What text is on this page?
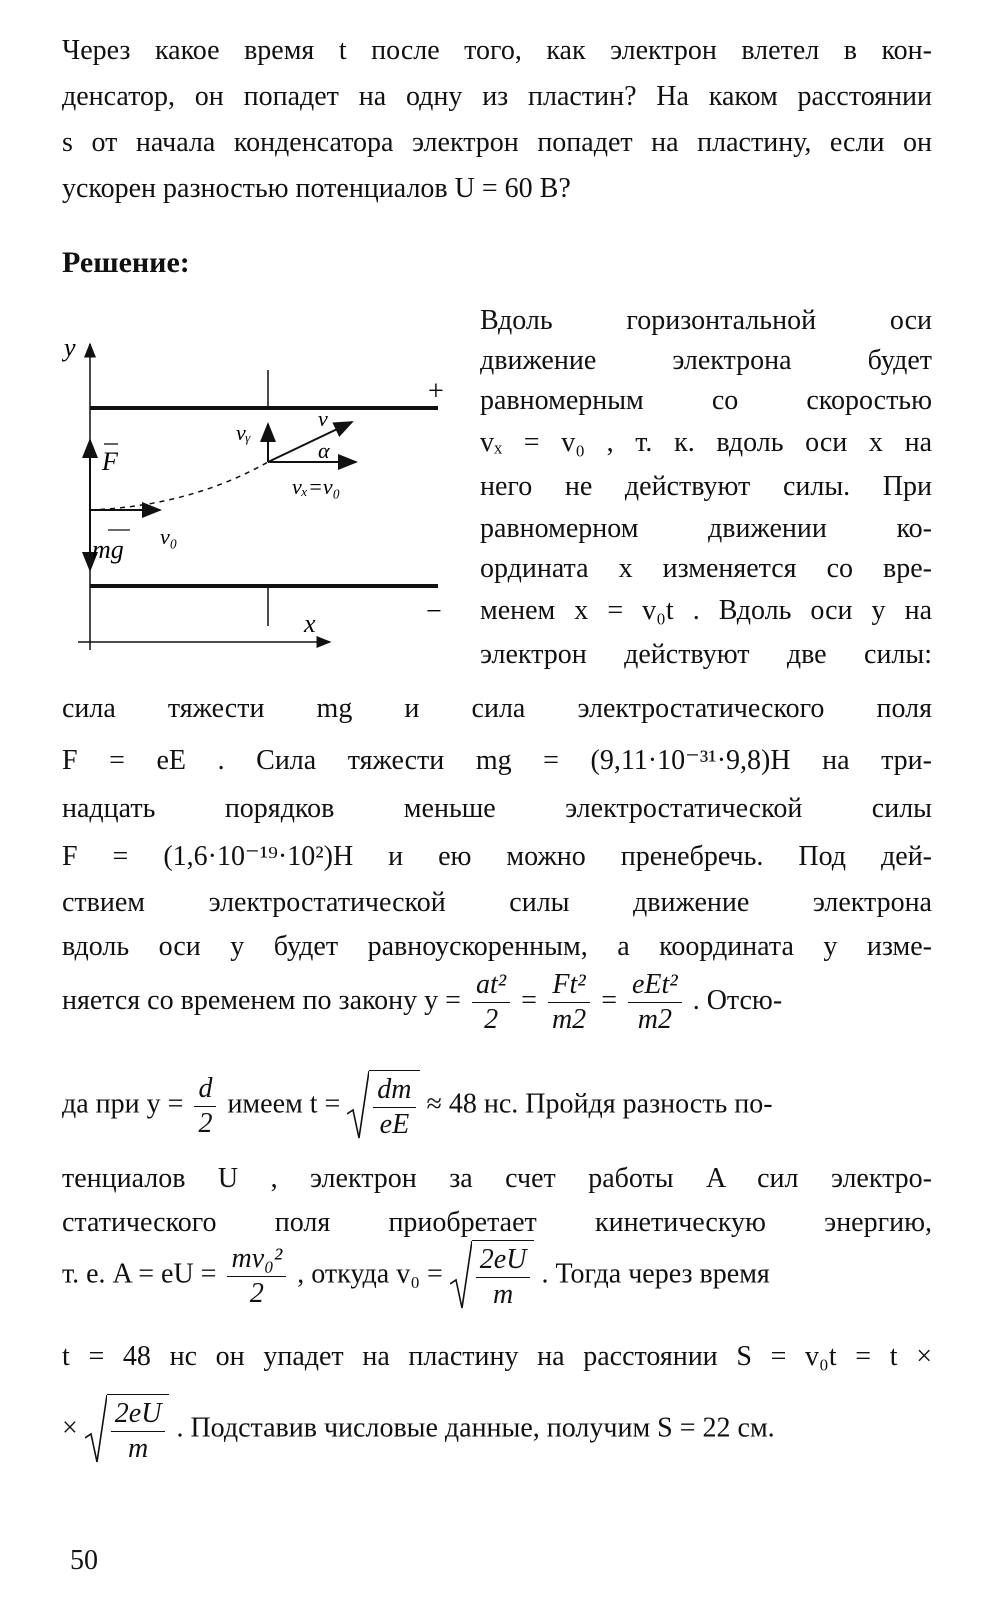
Через какое время t после того, как электрон влетел в кон-
денсатор, он попадет на одну из пластин? На каком расстоянии
s от начала конденсатора электрон попадет на пластину, если он
ускорен разностью потенциалов U = 60 В?
Решение:
y
x
+
−
F
mg v₀
vᵧ
v
α
vₓ=v₀
Вдоль горизонтальной оси
движение электрона будет
равномерным со скоростью
vₓ = v₀ , т. к. вдоль оси x на
него не действуют силы. При
равномерном движении ко-
ордината x изменяется со вре-
менем x = v₀t . Вдоль оси y на
электрон действуют две силы:
сила тяжести mg и сила электростатического поля
F = eE . Сила тяжести mg = (9,11·10⁻³¹·9,8)Н на три-
надцать порядков меньше электростатической силы
F = (1,6·10⁻¹⁹·10²)Н и ею можно пренебречь. Под дей-
ствием электростатической силы движение электрона
вдоль оси y будет равноускоренным, а координата y изме-
няется со временем по закону $y = \frac{\text{at²}}{2} = \frac{\text{Ft²}}{m2} = \frac{\text{eEt²}}{m2}$ . Отсю-
да при $y = \frac{d}{2}$ имеем $t = \frac{dm}{eE} \approx 48$ нс. Пройдя разность по-
тенциалов U , электрон за счет работы A сил электро-
статического поля приобретает кинетическую энергию,
т. е. A = eU = $\frac{\text{mv₀²}}{2}$ , откуда $v_0 = \frac{2eU}{m}$ . Тогда через время
t = 48 нс он упадет на пластину на расстоянии S = v₀t = t ×
× $\frac{2eU}{m}$ . Подставив числовые данные, получим S = 22 см.
50
